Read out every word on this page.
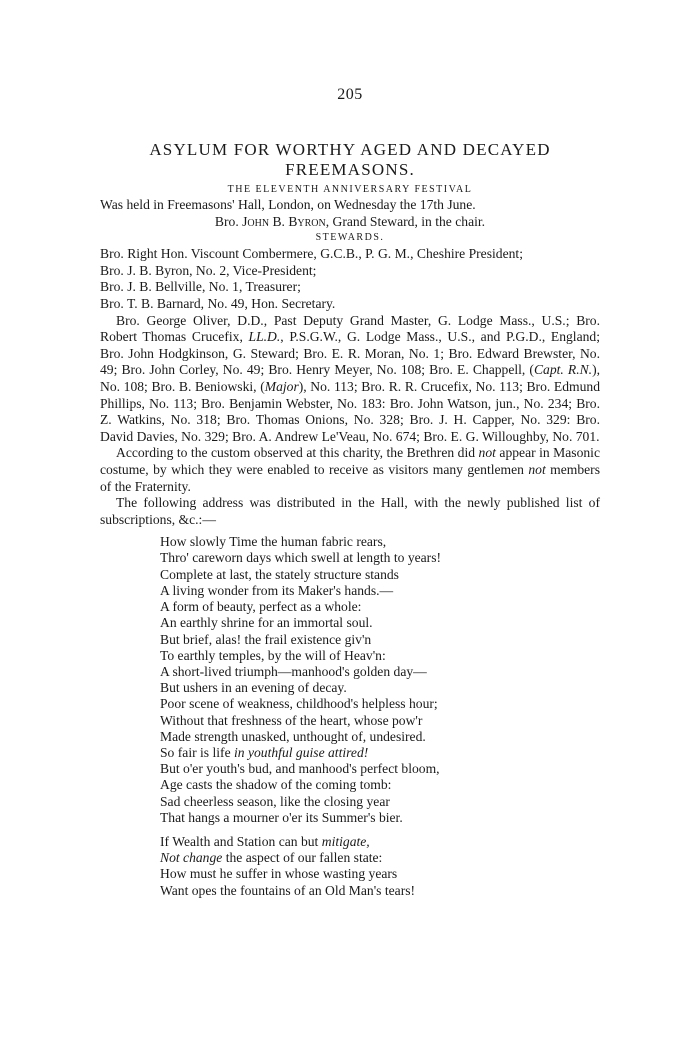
205
ASYLUM FOR WORTHY AGED AND DECAYED
FREEMASONS.
THE ELEVENTH ANNIVERSARY FESTIVAL

Was held in Freemasons' Hall, London, on Wednesday the 17th June.

Bro. John B. Byron, Grand Steward, in the chair.

STEWARDS.

Bro. Right Hon. Viscount Combermere, G.C.B., P. G. M., Cheshire President;

Bro. J. B. Byron, No. 2, Vice-President;

Bro. J. B. Bellville, No. 1, Treasurer;

Bro. T. B. Barnard, No. 49, Hon. Secretary.

Bro. George Oliver, D.D., Past Deputy Grand Master, G. Lodge Mass., U.S.; Bro. Robert Thomas Crucefix, LL.D., P.S.G.W., G. Lodge Mass., U.S., and P.G.D., England; Bro. John Hodgkinson, G. Steward; Bro. E. R. Moran, No. 1; Bro. Edward Brewster, No. 49; Bro. John Corley, No. 49; Bro. Henry Meyer, No. 108; Bro. E. Chappell, (Capt. R.N.), No. 108; Bro. B. Beniowski, (Major), No. 113; Bro. R. R. Crucefix, No. 113; Bro. Edmund Phillips, No. 113; Bro. Benjamin Webster, No. 183: Bro. John Watson, jun., No. 234; Bro. Z. Watkins, No. 318; Bro. Thomas Onions, No. 328; Bro. J. H. Capper, No. 329: Bro. David Davies, No. 329; Bro. A. Andrew Le'Veau, No. 674; Bro. E. G. Willoughby, No. 701.

According to the custom observed at this charity, the Brethren did not appear in Masonic costume, by which they were enabled to receive as visitors many gentlemen not members of the Fraternity.

The following address was distributed in the Hall, with the newly published list of subscriptions, &c.:—

How slowly Time the human fabric rears,
Thro' careworn days which swell at length to years!
Complete at last, the stately structure stands
A living wonder from its Maker's hands.—
A form of beauty, perfect as a whole:
An earthly shrine for an immortal soul.
But brief, alas! the frail existence giv'n
To earthly temples, by the will of Heav'n:
A short-lived triumph—manhood's golden day—
But ushers in an evening of decay.
Poor scene of weakness, childhood's helpless hour;
Without that freshness of the heart, whose pow'r
Made strength unasked, unthought of, undesired.
So fair is life in youthful guise attired!
But o'er youth's bud, and manhood's perfect bloom,
Age casts the shadow of the coming tomb:
Sad cheerless season, like the closing year
That hangs a mourner o'er its Summer's bier.
If Wealth and Station can but mitigate,
Not change the aspect of our fallen state:
How must he suffer in whose wasting years
Want opes the fountains of an Old Man's tears!
